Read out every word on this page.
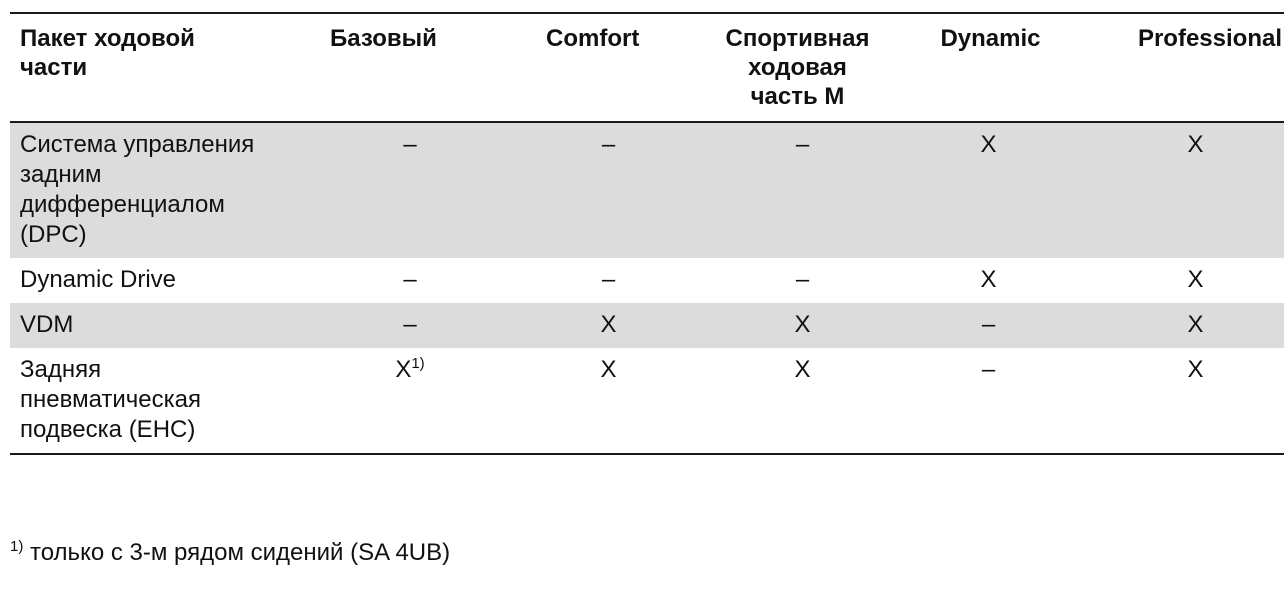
Пакет ходовой части	Базовый	Comfort	Спортивная ходовая часть M	Dynamic	Professional
Система управления задним дифференциалом (DPC)	–	–	–	X	X
Dynamic Drive	–	–	–	X	X
VDM	–	X	X	–	X
Задняя пневматическая подвеска (EHC)	$X^{1)}$	X	X	–	X
$^{1)}$ только с 3-м рядом сидений (SA 4UB)
